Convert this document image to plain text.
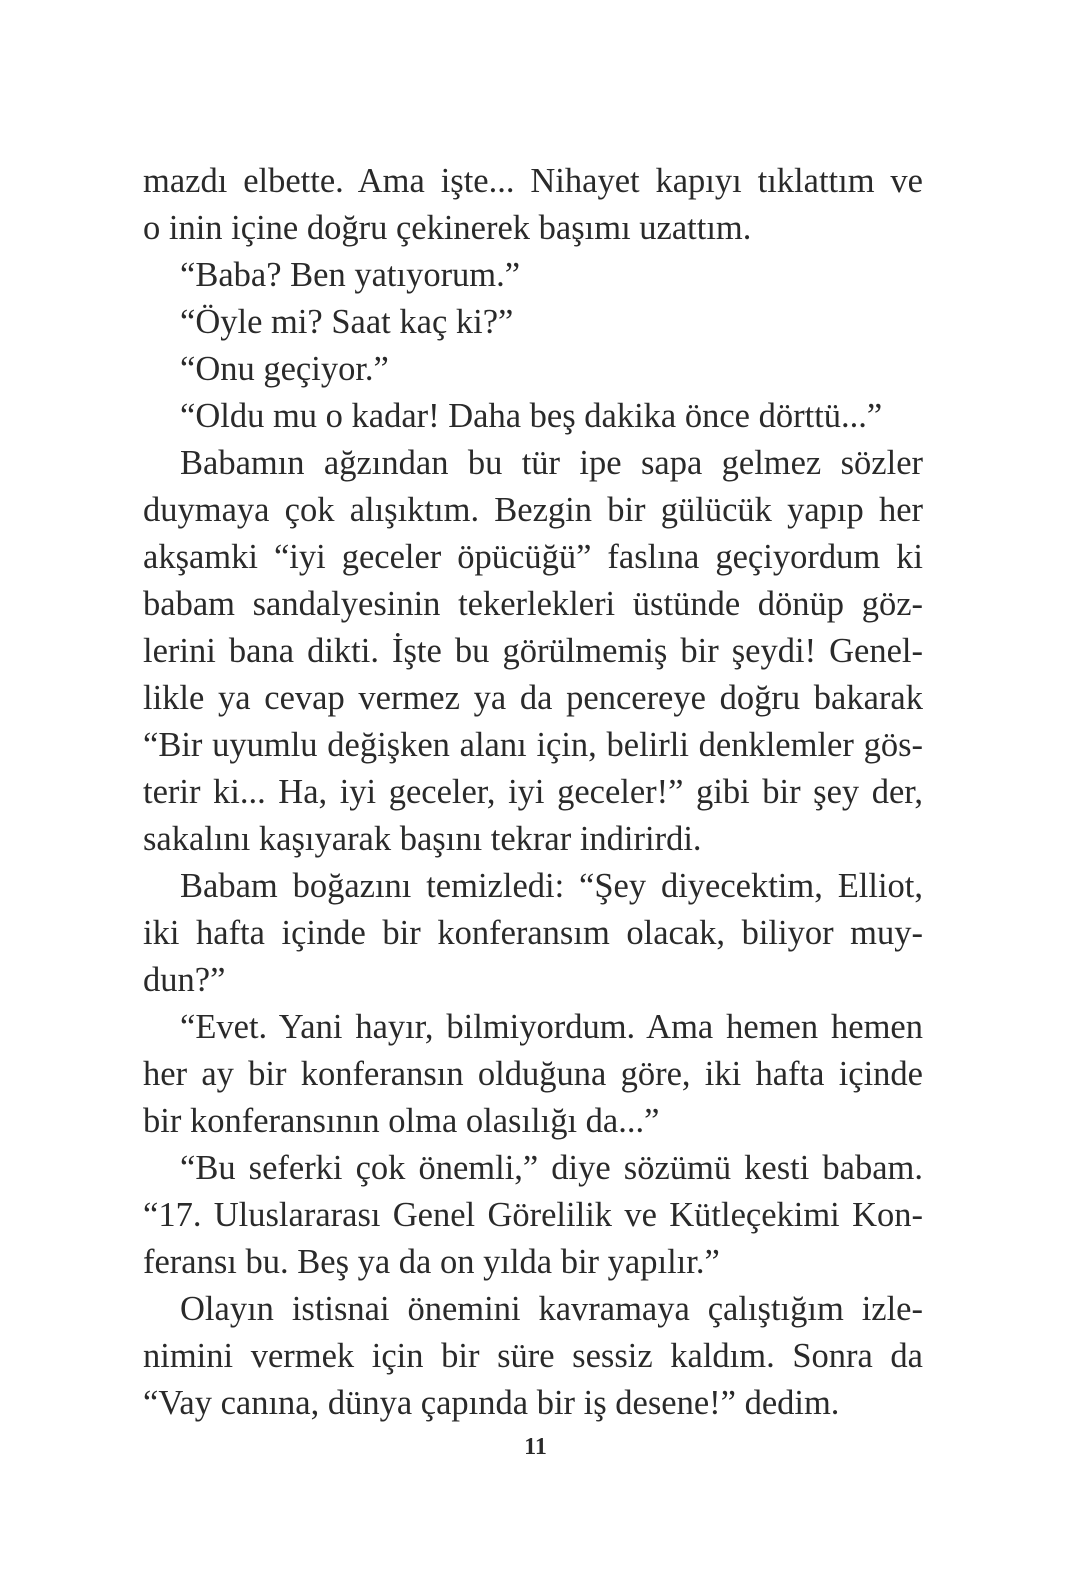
mazdı elbette. Ama işte... Nihayet kapıyı tıklattım ve
o inin içine doğru çekinerek başımı uzattım.
“Baba? Ben yatıyorum.”
“Öyle mi? Saat kaç ki?”
“Onu geçiyor.”
“Oldu mu o kadar! Daha beş dakika önce dörttü...”
Babamın ağzından bu tür ipe sapa gelmez sözler
duymaya çok alışıktım. Bezgin bir gülücük yapıp her
akşamki “iyi geceler öpücüğü” faslına geçiyordum ki
babam sandalyesinin tekerlekleri üstünde dönüp göz-
lerini bana dikti. İşte bu görülmemiş bir şeydi! Genel-
likle ya cevap vermez ya da pencereye doğru bakarak
“Bir uyumlu değişken alanı için, belirli denklemler gös-
terir ki... Ha, iyi geceler, iyi geceler!” gibi bir şey der,
sakalını kaşıyarak başını tekrar indirirdi.
Babam boğazını temizledi: “Şey diyecektim, Elliot,
iki hafta içinde bir konferansım olacak, biliyor muy-
dun?”
“Evet. Yani hayır, bilmiyordum. Ama hemen hemen
her ay bir konferansın olduğuna göre, iki hafta içinde
bir konferansının olma olasılığı da...”
“Bu seferki çok önemli,” diye sözümü kesti babam.
“17. Uluslararası Genel Görelilik ve Kütleçekimi Kon-
feransı bu. Beş ya da on yılda bir yapılır.”
Olayın istisnai önemini kavramaya çalıştığım izle-
nimini vermek için bir süre sessiz kaldım. Sonra da
“Vay canına, dünya çapında bir iş desene!” dedim.
11
